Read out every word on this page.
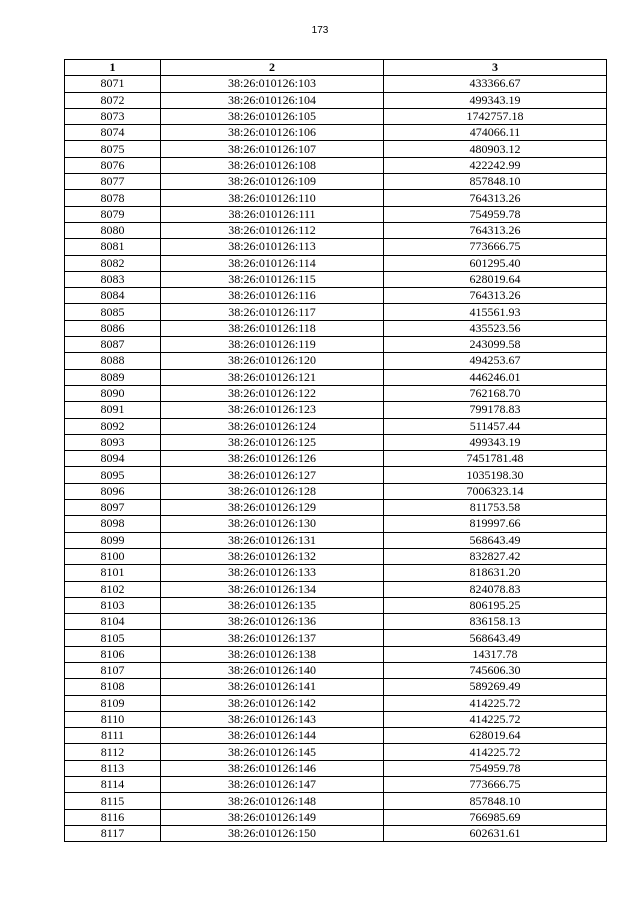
173
1	2	3
8071	38:26:010126:103	433366.67
8072	38:26:010126:104	499343.19
8073	38:26:010126:105	1742757.18
8074	38:26:010126:106	474066.11
8075	38:26:010126:107	480903.12
8076	38:26:010126:108	422242.99
8077	38:26:010126:109	857848.10
8078	38:26:010126:110	764313.26
8079	38:26:010126:111	754959.78
8080	38:26:010126:112	764313.26
8081	38:26:010126:113	773666.75
8082	38:26:010126:114	601295.40
8083	38:26:010126:115	628019.64
8084	38:26:010126:116	764313.26
8085	38:26:010126:117	415561.93
8086	38:26:010126:118	435523.56
8087	38:26:010126:119	243099.58
8088	38:26:010126:120	494253.67
8089	38:26:010126:121	446246.01
8090	38:26:010126:122	762168.70
8091	38:26:010126:123	799178.83
8092	38:26:010126:124	511457.44
8093	38:26:010126:125	499343.19
8094	38:26:010126:126	7451781.48
8095	38:26:010126:127	1035198.30
8096	38:26:010126:128	7006323.14
8097	38:26:010126:129	811753.58
8098	38:26:010126:130	819997.66
8099	38:26:010126:131	568643.49
8100	38:26:010126:132	832827.42
8101	38:26:010126:133	818631.20
8102	38:26:010126:134	824078.83
8103	38:26:010126:135	806195.25
8104	38:26:010126:136	836158.13
8105	38:26:010126:137	568643.49
8106	38:26:010126:138	14317.78
8107	38:26:010126:140	745606.30
8108	38:26:010126:141	589269.49
8109	38:26:010126:142	414225.72
8110	38:26:010126:143	414225.72
8111	38:26:010126:144	628019.64
8112	38:26:010126:145	414225.72
8113	38:26:010126:146	754959.78
8114	38:26:010126:147	773666.75
8115	38:26:010126:148	857848.10
8116	38:26:010126:149	766985.69
8117	38:26:010126:150	602631.61
